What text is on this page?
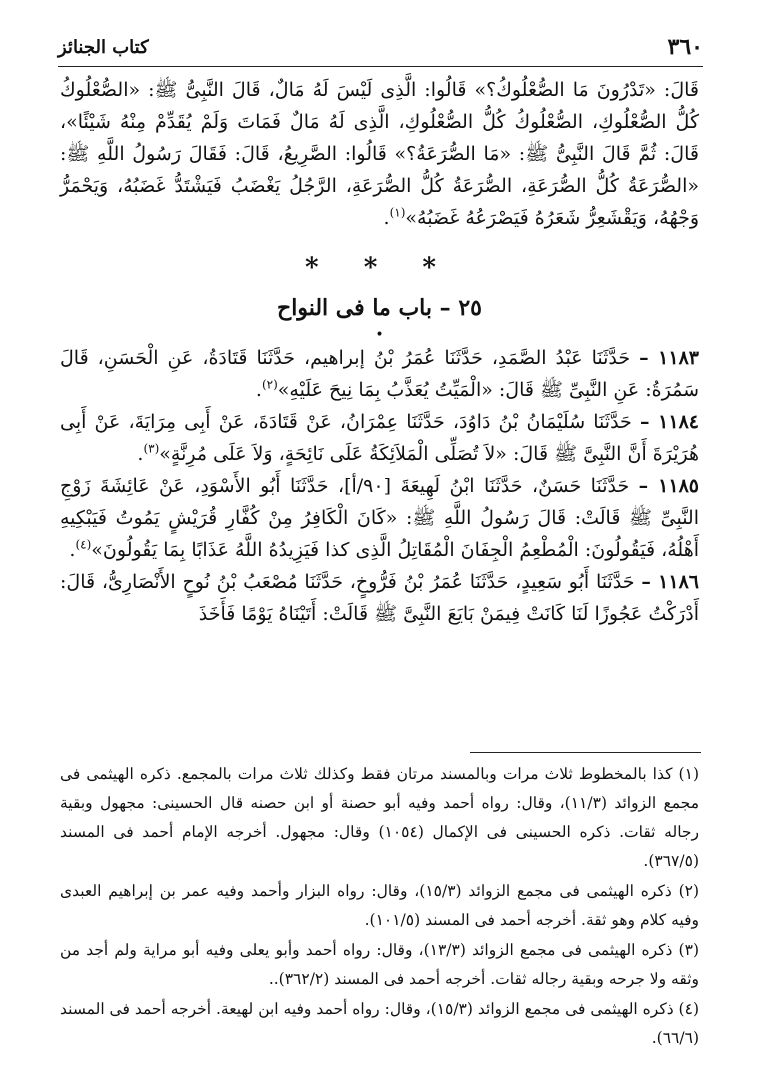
٣٦٠
كتاب الجنائز

قَالَ: «تَدْرُونَ مَا الصُّعْلُوكُ؟» قَالُوا: الَّذِى لَيْسَ لَهُ مَالٌ، قَالَ النَّبِىُّ ﷺ: «الصُّعْلُوكُ كُلُّ الصُّعْلُوكِ، الصُّعْلُوكُ كُلُّ الصُّعْلُوكِ، الَّذِى لَهُ مَالٌ فَمَاتَ وَلَمْ يُقَدِّمْ مِنْهُ شَيْئًا»، قَالَ: ثُمَّ قَالَ النَّبِىُّ ﷺ: «مَا الصُّرَعَةُ؟» قَالُوا: الصَّرِيعُ، قَالَ: فَقَالَ رَسُولُ اللَّهِ ﷺ: «الصُّرَعَةُ كُلُّ الصُّرَعَةِ، الصُّرَعَةُ كُلُّ الصُّرَعَةِ، الرَّجُلُ يَغْضَبُ فَيَشْتَدُّ غَضَبُهُ، وَيَحْمَرُّ وَجْهُهُ، وَيَقْشَعِرُّ شَعَرُهُ فَيَصْرَعُهُ غَضَبُهُ»$^{(١)}$.

* * *
٢٥ – باب ما فى النواح
•

١١٨٣ – حَدَّثَنَا عَبْدُ الصَّمَدِ، حَدَّثَنَا عُمَرُ بْنُ إبراهيم، حَدَّثَنَا قَتَادَةُ، عَنِ الْحَسَنِ، قَالَ سَمُرَةُ: عَنِ النَّبِىِّ ﷺ قَالَ: «الْمَيِّتُ يُعَذَّبُ بِمَا نِيحَ عَلَيْهِ»$^{(٢)}$.

١١٨٤ – حَدَّثَنَا سُلَيْمَانُ بْنُ دَاوُدَ، حَدَّثَنَا عِمْرَانُ، عَنْ قَتَادَةَ، عَنْ أَبِى مِرَايَةَ، عَنْ أَبِى هُرَيْرَةَ أَنَّ النَّبِىَّ ﷺ قَالَ: «لاَ تُصَلِّى الْمَلاَئِكَةُ عَلَى نَائِحَةٍ، وَلاَ عَلَى مُرِنَّةٍ»$^{(٣)}$.

١١٨٥ – حَدَّثَنَا حَسَنٌ، حَدَّثَنَا ابْنُ لَهِيعَةَ [٩٠/أ]، حَدَّثَنَا أَبُو الأَسْوَدِ، عَنْ عَائِشَةَ زَوْجِ النَّبِىِّ ﷺ قَالَتْ: قَالَ رَسُولُ اللَّهِ ﷺ: «كَانَ الْكَافِرُ مِنْ كُفَّارِ قُرَيْشٍ يَمُوتُ فَيَبْكِيهِ أَهْلُهُ، فَيَقُولُونَ: الْمُطْعِمُ الْجِفَانَ الْمُقَاتِلُ الَّذِى كذا فَيَزِيدُهُ اللَّهُ عَذَابًا بِمَا يَقُولُونَ»$^{(٤)}$.

١١٨٦ – حَدَّثَنَا أَبُو سَعِيدٍ، حَدَّثَنَا عُمَرُ بْنُ فَرُّوخٍ، حَدَّثَنَا مُصْعَبُ بْنُ نُوحٍ الأَنْصَارِىُّ، قَالَ: أَدْرَكْتُ عَجُوزًا لَنَا كَانَتْ فِيمَنْ بَايَعَ النَّبِىَّ ﷺ قَالَتْ: أَتَيْنَاهُ يَوْمًا فَأَخَذَ

(١) كذا بالمخطوط ثلاث مرات وبالمسند مرتان فقط وكذلك ثلاث مرات بالمجمع. ذكره الهيثمى فى مجمع الزوائد (١١/٣)، وقال: رواه أحمد وفيه أبو حصنة أو ابن حصنه قال الحسينى: مجهول وبقية رجاله ثقات. ذكره الحسينى فى الإكمال (١٠٥٤) وقال: مجهول. أخرجه الإمام أحمد فى المسند (٣٦٧/٥).

(٢) ذكره الهيثمى فى مجمع الزوائد (١٥/٣)، وقال: رواه البزار وأحمد وفيه عمر بن إبراهيم العبدى وفيه كلام وهو ثقة. أخرجه أحمد فى المسند (١٠١/٥).

(٣) ذكره الهيثمى فى مجمع الزوائد (١٣/٣)، وقال: رواه أحمد وأبو يعلى وفيه أبو مراية ولم أجد من وثقه ولا جرحه وبقية رجاله ثقات. أخرجه أحمد فى المسند (٣٦٢/٢)..

(٤) ذكره الهيثمى فى مجمع الزوائد (١٥/٣)، وقال: رواه أحمد وفيه ابن لهيعة. أخرجه أحمد فى المسند (٦٦/٦).
